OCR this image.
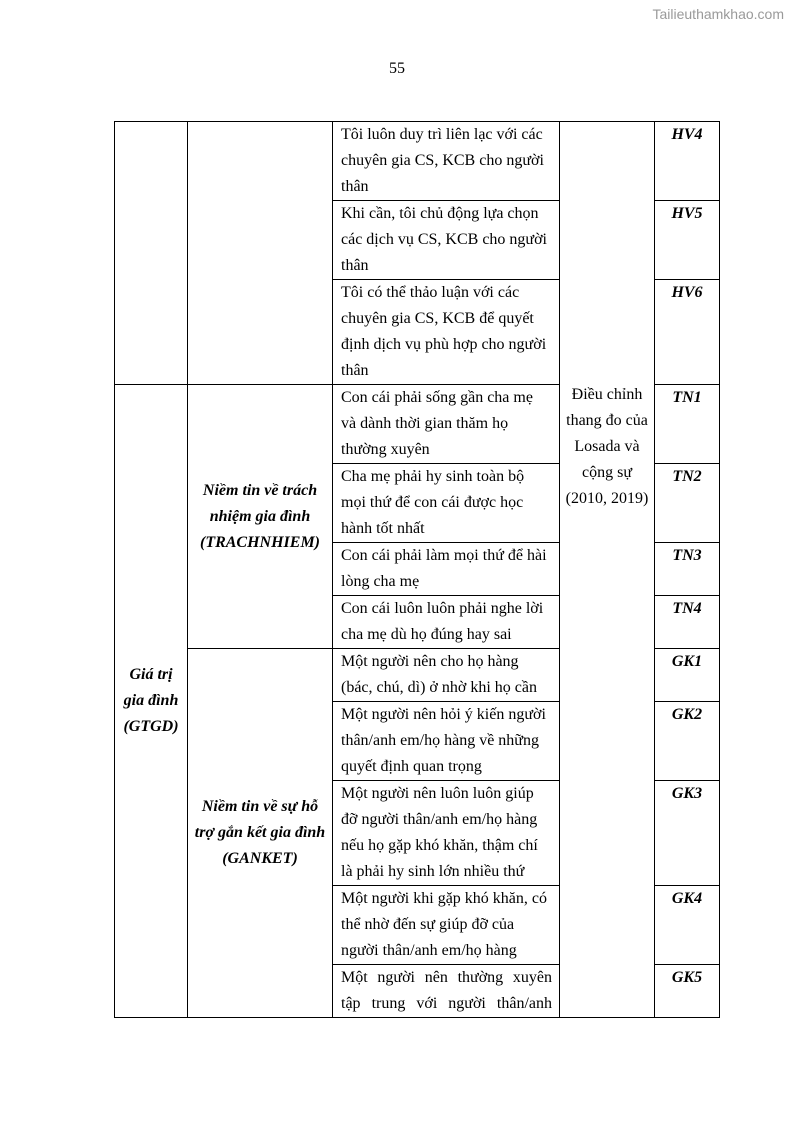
Tailieuthamkhao.com
55
		Tôi luôn duy trì liên lạc với các chuyên gia CS, KCB cho người thân	Điều chỉnh thang đo của Losada và cộng sự (2010, 2019)	HV4
		Khi cần, tôi chủ động lựa chọn các dịch vụ CS, KCB cho người thân		HV5
		Tôi có thể thảo luận với các chuyên gia CS, KCB để quyết định dịch vụ phù hợp cho người thân		HV6
Giá trị gia đình (GTGD)	Niềm tin về trách nhiệm gia đình (TRACHNHIEM)	Con cái phải sống gần cha mẹ và dành thời gian thăm họ thường xuyên		TN1
		Cha mẹ phải hy sinh toàn bộ mọi thứ để con cái được học hành tốt nhất		TN2
		Con cái phải làm mọi thứ để hài lòng cha mẹ		TN3
		Con cái luôn luôn phải nghe lời cha mẹ dù họ đúng hay sai		TN4
	Niềm tin về sự hỗ trợ gắn kết gia đình (GANKET)	Một người nên cho họ hàng (bác, chú, dì) ở nhờ khi họ cần		GK1
		Một người nên hỏi ý kiến người thân/anh em/họ hàng về những quyết định quan trọng		GK2
		Một người nên luôn luôn giúp đỡ người thân/anh em/họ hàng nếu họ gặp khó khăn, thậm chí là phải hy sinh lớn nhiều thứ		GK3
		Một người khi gặp khó khăn, có thể nhờ đến sự giúp đỡ của người thân/anh em/họ hàng		GK4
		Một người nên thường xuyên tập trung với người thân/anh		GK5
